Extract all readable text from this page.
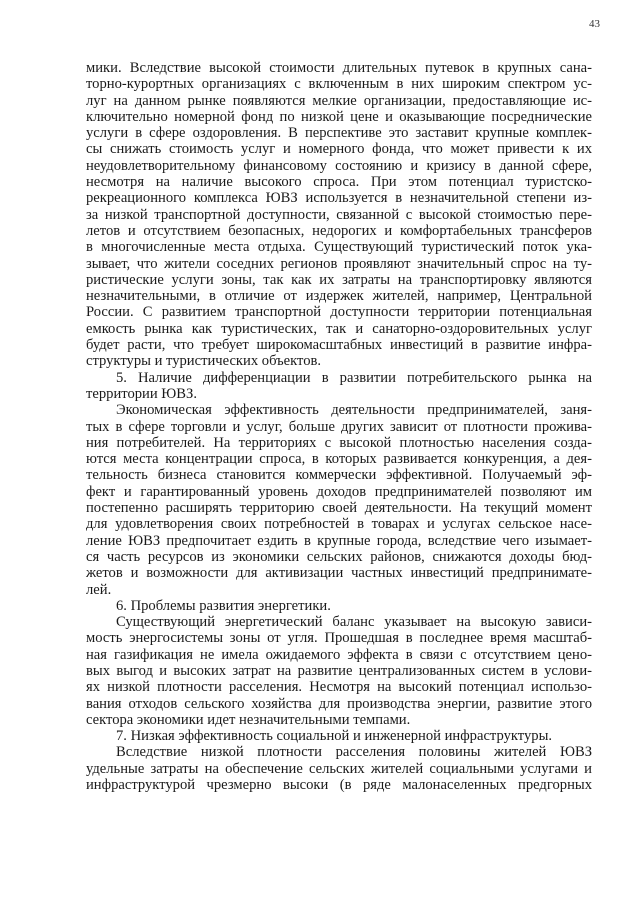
43
мики. Вследствие высокой стоимости длительных путевок в крупных сана-
торно-курортных организациях с включенным в них широким спектром ус-
луг на данном рынке появляются мелкие организации, предоставляющие ис-
ключительно номерной фонд по низкой цене и оказывающие посреднические
услуги в сфере оздоровления. В перспективе это заставит крупные комплек-
сы снижать стоимость услуг и номерного фонда, что может привести к их
неудовлетворительному финансовому состоянию и кризису в данной сфере,
несмотря на наличие высокого спроса. При этом потенциал туристско-
рекреационного комплекса ЮВЗ используется в незначительной степени из-
за низкой транспортной доступности, связанной с высокой стоимостью пере-
летов и отсутствием безопасных, недорогих и комфортабельных трансферов
в многочисленные места отдыха. Существующий туристический поток ука-
зывает, что жители соседних регионов проявляют значительный спрос на ту-
ристические услуги зоны, так как их затраты на транспортировку являются
незначительными, в отличие от издержек жителей, например, Центральной
России. С развитием транспортной доступности территории потенциальная
емкость рынка как туристических, так и санаторно-оздоровительных услуг
будет расти, что требует широкомасштабных инвестиций в развитие инфра-
структуры и туристических объектов.
5. Наличие дифференциации в развитии потребительского рынка на
территории ЮВЗ.
Экономическая эффективность деятельности предпринимателей, заня-
тых в сфере торговли и услуг, больше других зависит от плотности прожива-
ния потребителей. На территориях с высокой плотностью населения созда-
ются места концентрации спроса, в которых развивается конкуренция, а дея-
тельность бизнеса становится коммерчески эффективной. Получаемый эф-
фект и гарантированный уровень доходов предпринимателей позволяют им
постепенно расширять территорию своей деятельности. На текущий момент
для удовлетворения своих потребностей в товарах и услугах сельское насе-
ление ЮВЗ предпочитает ездить в крупные города, вследствие чего изымает-
ся часть ресурсов из экономики сельских районов, снижаются доходы бюд-
жетов и возможности для активизации частных инвестиций предпринимате-
лей.
6. Проблемы развития энергетики.
Существующий энергетический баланс указывает на высокую зависи-
мость энергосистемы зоны от угля. Прошедшая в последнее время масштаб-
ная газификация не имела ожидаемого эффекта в связи с отсутствием цено-
вых выгод и высоких затрат на развитие централизованных систем в услови-
ях низкой плотности расселения. Несмотря на высокий потенциал использо-
вания отходов сельского хозяйства для производства энергии, развитие этого
сектора экономики идет незначительными темпами.
7. Низкая эффективность социальной и инженерной инфраструктуры.
Вследствие низкой плотности расселения половины жителей ЮВЗ
удельные затраты на обеспечение сельских жителей социальными услугами и
инфраструктурой чрезмерно высоки (в ряде малонаселенных предгорных
